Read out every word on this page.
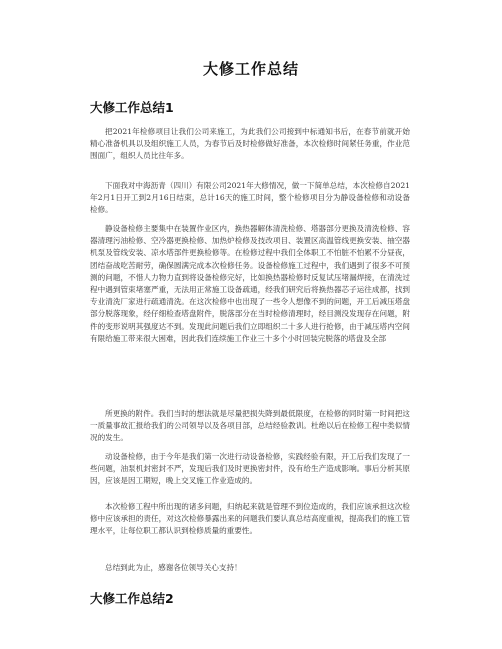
大修工作总结
大修工作总结1
把2021年检修项目让我们公司来施工，为此我们公司接到中标通知书后，在春节前就开始精心准备机具以及组织施工人员，为春节后及时检修做好准备，本次检修时间紧任务重，作业范围面广，组织人员比往年多。
下面我对中海沥青（四川）有限公司2021年大修情况，做一下简单总结，本次检修自2021年2月1日开工到2月16日结束，总计16天的施工时间，整个检修项目分为静设备检修和动设备检修。
静设备检修主要集中在装置作业区内，换热器解体清洗检修、塔器部分更换及清洗检修、容器清理污油检修、空冷器更换检修、加热炉检修及技改项目、装置区高温管线更换安装、抽空器机泵及管线安装、凉水塔部件更换检修等。在检修过程中我们全体职工不怕脏不怕累不分昼夜，团结奋战吃苦耐劳，确保圆满完成本次检修任务。设备检修施工过程中，我们遇到了很多不可预测的问题，不惜人力物力直到将设备检修完好，比如换热器检修时反复试压堵漏焊接，在清洗过程中遇到管束堵塞严重，无法用正常施工设备疏通，经我们研究后将换热器芯子运往成都，找到专业清洗厂家进行疏通清洗。在这次检修中也出现了一些令人想像不到的问题，开工后减压塔盘部分脱落现象，经仔细检查塔盘附件，脱落部分在当时检修清理时，经目测没发现存在问题，附件的变形说明其强度达不到。发现此问题后我们立即组织二十多人进行抢修，由于减压塔内空间有限给施工带来很大困难，因此我们连续施工作业三十多个小时回装完脱落的塔盘及全部
所更换的附件。我们当时的想法就是尽量把损失降到最低限度，在检修的同时第一时间把这一质量事故汇报给我们的公司领导以及各项目部，总结经验教训。杜绝以后在检修工程中类似情况的发生。
动设备检修，由于今年是我们第一次进行动设备检修，实践经验有限，开工后我们发现了一些问题，油泵机封密封不严，发现后我们及时更换密封件，没有给生产造成影响。事后分析其原因，应该是因工期短，晚上交叉施工作业造成的。
本次检修工程中所出现的诸多问题，归纳起来就是管理不到位造成的，我们应该承担这次检修中应该承担的责任，对这次检修暴露出来的问题我们要认真总结高度重视，提高我们的施工管理水平，让每位职工都认识到检修质量的重要性。
总结到此为止，感谢各位领导关心支持！
大修工作总结2
